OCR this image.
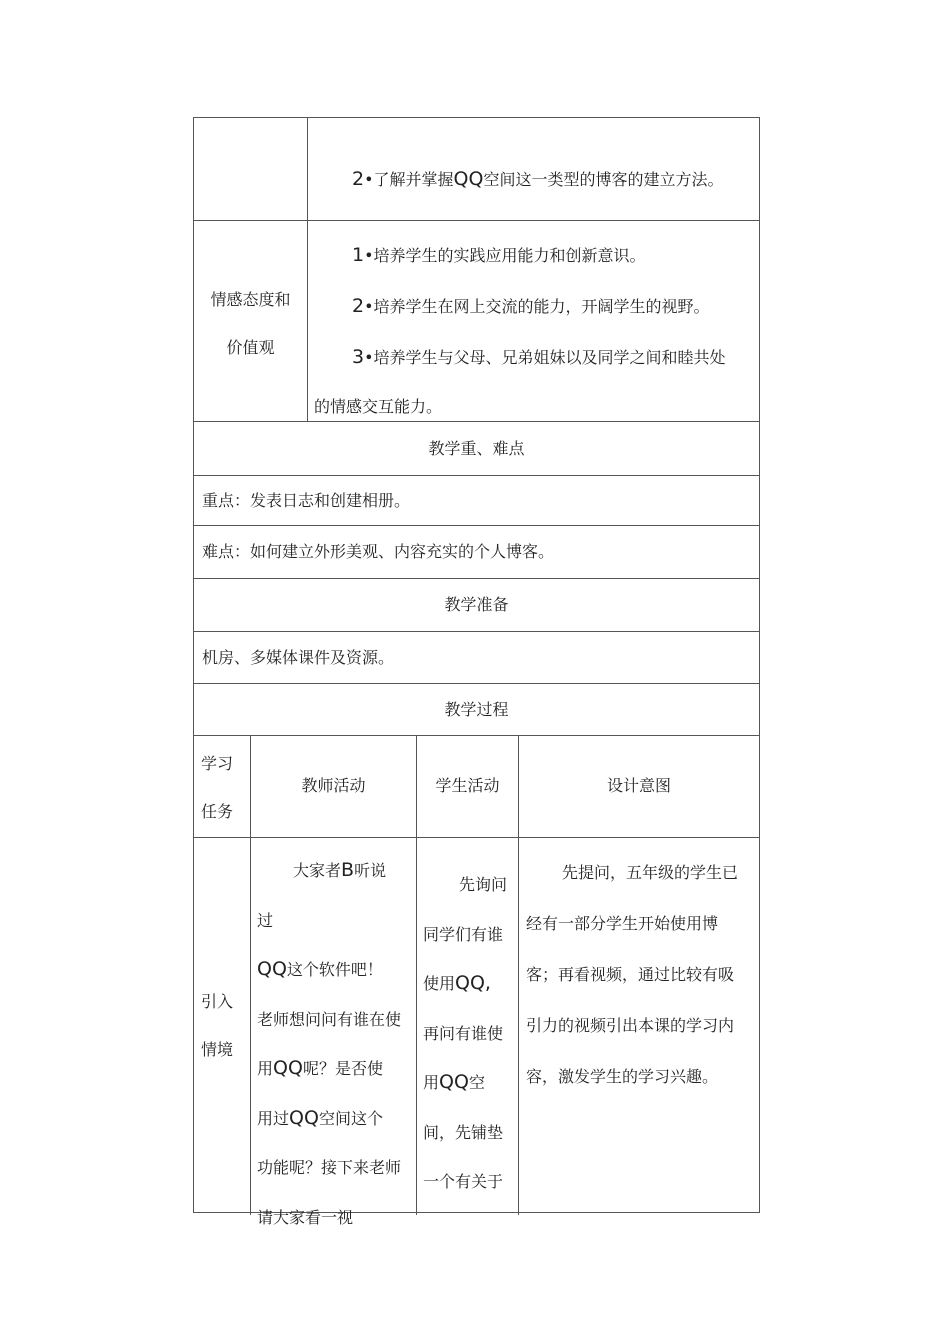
2•了解并掌握QQ空间这一类型的博客的建立方法。
情感态度和
价值观
1•培养学生的实践应用能力和创新意识。
2•培养学生在网上交流的能力，开阔学生的视野。
3•培养学生与父母、兄弟姐妹以及同学之间和睦共处
的情感交互能力。
教学重、难点
重点：发表日志和创建相册。
难点：如何建立外形美观、内容充实的个人博客。
教学准备
机房、多媒体课件及资源。
教学过程
学习
任务
教师活动	学生活动	设计意图
引入
情境
大家者B听说
过
QQ这个软件吧！
老师想问问有谁在使
用QQ呢？是否使
用过QQ空间这个
功能呢？接下来老师
请大家看一视
先询问
同学们有谁
使用QQ,
再问有谁使
用QQ空
间，先铺垫
一个有关于
先提问，五年级的学生已
经有一部分学生开始使用博
客；再看视频，通过比较有吸
引力的视频引出本课的学习内
容，激发学生的学习兴趣。
